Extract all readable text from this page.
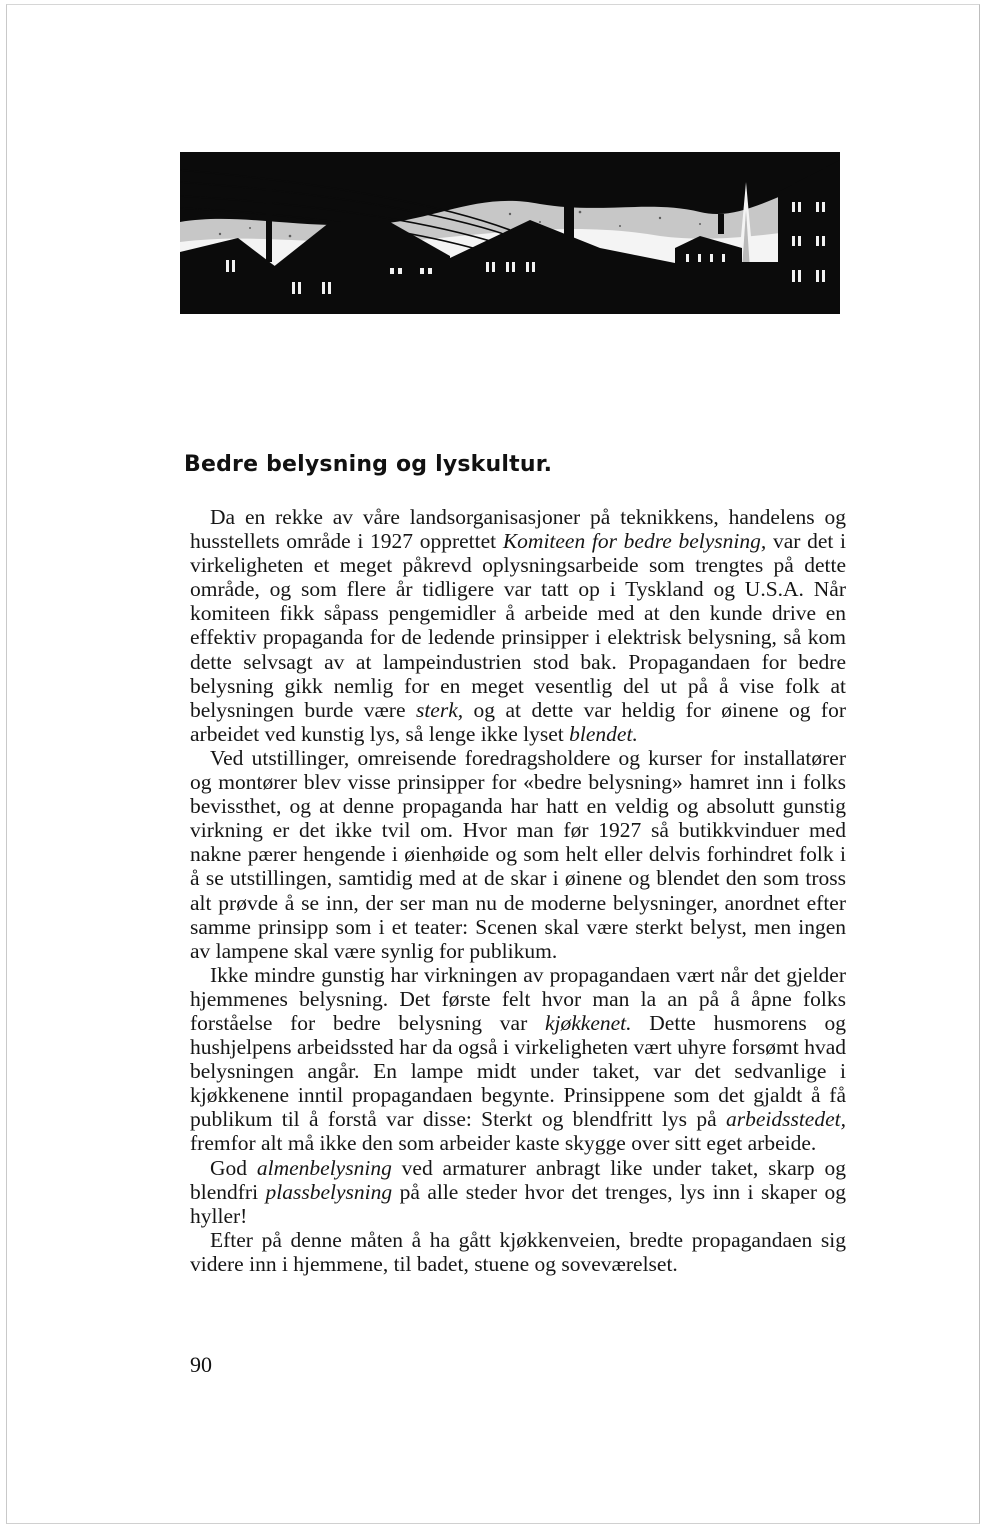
Bedre belysning og lyskultur.

Da en rekke av våre landsorganisasjoner på teknikkens, handelens og husstellets område i 1927 opprettet Komiteen for bedre belysning, var det i virkeligheten et meget påkrevd oplysningsarbeide som trengtes på dette område, og som flere år tidligere var tatt op i Tyskland og U.S.A. Når komiteen fikk såpass pengemidler å arbeide med at den kunde drive en effektiv propaganda for de ledende prinsipper i elektrisk belysning, så kom dette selvsagt av at lampeindustrien stod bak. Propagandaen for bedre belysning gikk nemlig for en meget vesentlig del ut på å vise folk at belysningen burde være sterk, og at dette var heldig for øinene og for arbeidet ved kunstig lys, så lenge ikke lyset blendet.

Ved utstillinger, omreisende foredragsholdere og kurser for installatører og montører blev visse prinsipper for «bedre belysning» hamret inn i folks bevissthet, og at denne propaganda har hatt en veldig og absolutt gunstig virkning er det ikke tvil om. Hvor man før 1927 så butikkvinduer med nakne pærer hengende i øienhøide og som helt eller delvis forhindret folk i å se utstillingen, samtidig med at de skar i øinene og blendet den som tross alt prøvde å se inn, der ser man nu de moderne belysninger, anordnet efter samme prinsipp som i et teater: Scenen skal være sterkt belyst, men ingen av lampene skal være synlig for publikum.

Ikke mindre gunstig har virkningen av propagandaen vært når det gjelder hjemmenes belysning. Det første felt hvor man la an på å åpne folks forståelse for bedre belysning var kjøkkenet. Dette husmorens og hushjelpens arbeidssted har da også i virkeligheten vært uhyre forsømt hvad belysningen angår. En lampe midt under taket, var det sedvanlige i kjøkkenene inntil propagandaen begynte. Prinsippene som det gjaldt å få publikum til å forstå var disse: Sterkt og blendfritt lys på arbeidsstedet, fremfor alt må ikke den som arbeider kaste skygge over sitt eget arbeide.

God almenbelysning ved armaturer anbragt like under taket, skarp og blendfri plassbelysning på alle steder hvor det trenges, lys inn i skaper og hyller!

Efter på denne måten å ha gått kjøkkenveien, bredte propagandaen sig videre inn i hjemmene, til badet, stuene og soveværelset.

90
